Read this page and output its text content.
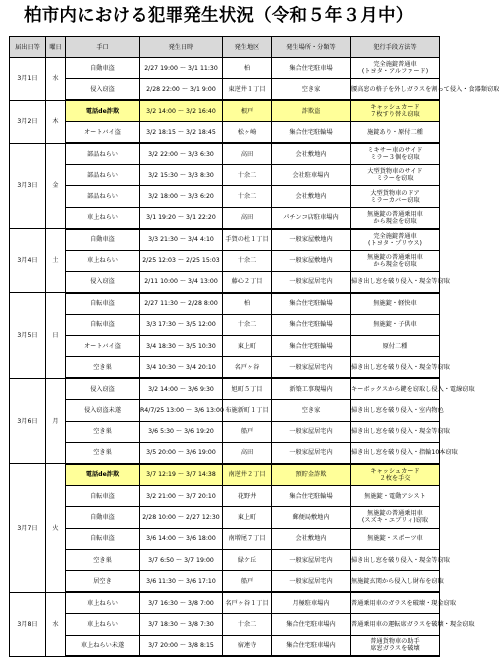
柏市内における犯罪発生状況（令和５年３月中）
届出日等	曜日	手口	発生日時	発生地区	発生場所・分類等	犯行手段方法等
3月1日	水	自動車盗	2/27 19:00 ～ 3/1 11:30	柏	集合住宅駐車場	完全施錠普通車
(トヨタ・アルファード)
		侵入窃盗	2/28 22:00 ～ 3/1 9:00	東逆井１丁目	空き家	腰高窓の格子を外しガラスを割って侵入・食器類窃取
3月2日	木	電話de詐欺	3/2 14:00 ～ 3/2 16:40	根戸	詐欺盗	キャッシュカード
７枚すり替え窃取
		オートバイ盗	3/2 18:15 ～ 3/2 18:45	松ヶ崎	集合住宅駐輪場	施錠あり・原付二種
3月3日	金	部品ねらい	3/2 22:00 ～ 3/3 6:30	高田	会社敷地内	ミキサー車のサイド
ミラー３個を窃取
		部品ねらい	3/2 15:30 ～ 3/3 8:30	十余二	会社駐車場内	大型貨物車のサイド
ミラーを窃取
		部品ねらい	3/2 18:00 ～ 3/3 6:20	十余二	会社敷地内	大型貨物車のドア
ミラーカバー窃取
		車上ねらい	3/1 19:20 ～ 3/1 22:20	高田	パチンコ店駐車場内	無施錠の普通乗用車
から現金を窃取
3月4日	土	自動車盗	3/3 21:30 ～ 3/4 4:10	手賀の杜１丁目	一般家屋敷地内	完全施錠普通車
(トヨタ・プリウス)
		車上ねらい	2/25 12:03 ～ 2/25 15:03	十余二	一般家屋敷地内	無施錠の普通乗用車
から現金を窃取
		侵入窃盗	2/11 10:00 ～ 3/4 13:00	藤心２丁目	一般家屋居宅内	掃き出し窓を破り侵入・現金等窃取
3月5日	日	自転車盗	2/27 11:30 ～ 2/28 8:00	柏	集合住宅駐輪場	無施錠・軽快車
		自転車盗	3/3 17:30 ～ 3/5 12:00	十余二	集合住宅駐輪場	無施錠・子供車
		オートバイ盗	3/4 18:30 ～ 3/5 10:30	東上町	集合住宅駐輪場	原付二種
		空き巣	3/4 10:30 ～ 3/4 20:10	名戸ヶ谷	一般家屋居宅内	掃き出し窓を破り侵入・現金等窃取
3月6日	月	侵入窃盗	3/2 14:00 ～ 3/6 9:30	旭町５丁目	新築工事現場内	キーボックスから鍵を窃取し侵入・電線窃取
		侵入窃盗未遂	R4/7/25 13:00 ～ 3/6 13:00	布施新町１丁目	空き家	掃き出し窓を破り侵入・室内物色
		空き巣	3/6 5:30 ～ 3/6 19:20	船戸	一般家屋居宅内	掃き出し窓を破り侵入・現金等窃取
		空き巣	3/5 20:00 ～ 3/6 19:00	高田	一般家屋居宅内	掃き出し窓を破り侵入・指輪10本窃取
3月7日	火	電話de詐欺	3/7 12:19 ～ 3/7 14:38	南逆井２丁目	預貯金詐欺	キャッシュカード
２枚を手交
		自転車盗	3/2 21:00 ～ 3/7 20:10	花野井	集合住宅駐輪場	無施錠・電動アシスト
		自動車盗	2/28 10:00 ～ 2/27 12:30	東上町	郵便局敷地内	無施錠の普通乗用車
(スズキ・エブリィ)窃取
		自転車盗	3/6 14:00 ～ 3/6 18:00	南増尾７丁目	会社敷地内	無施錠・スポーツ車
		空き巣	3/7 6:50 ～ 3/7 19:00	緑ケ丘	一般家屋居宅内	掃き出し窓を破り侵入・現金等窃取
		居空き	3/6 11:30 ～ 3/6 17:10	船戸	一般家屋居宅内	無施錠玄関から侵入し財布を窃取
3月8日	水	車上ねらい	3/7 16:30 ～ 3/8 7:00	名戸ヶ谷１丁目	月極駐車場内	普通乗用車のガラスを破壊・現金窃取
		車上ねらい	3/7 18:30 ～ 3/8 7:30	十余二	集合住宅駐車場内	普通乗用車の運転席ガラスを破壊・現金窃取
		車上ねらい未遂	3/7 20:00 ～ 3/8 8:15	宿連寺	集合住宅駐車場内	普通貨物車の助手
席窓ガラスを破壊
